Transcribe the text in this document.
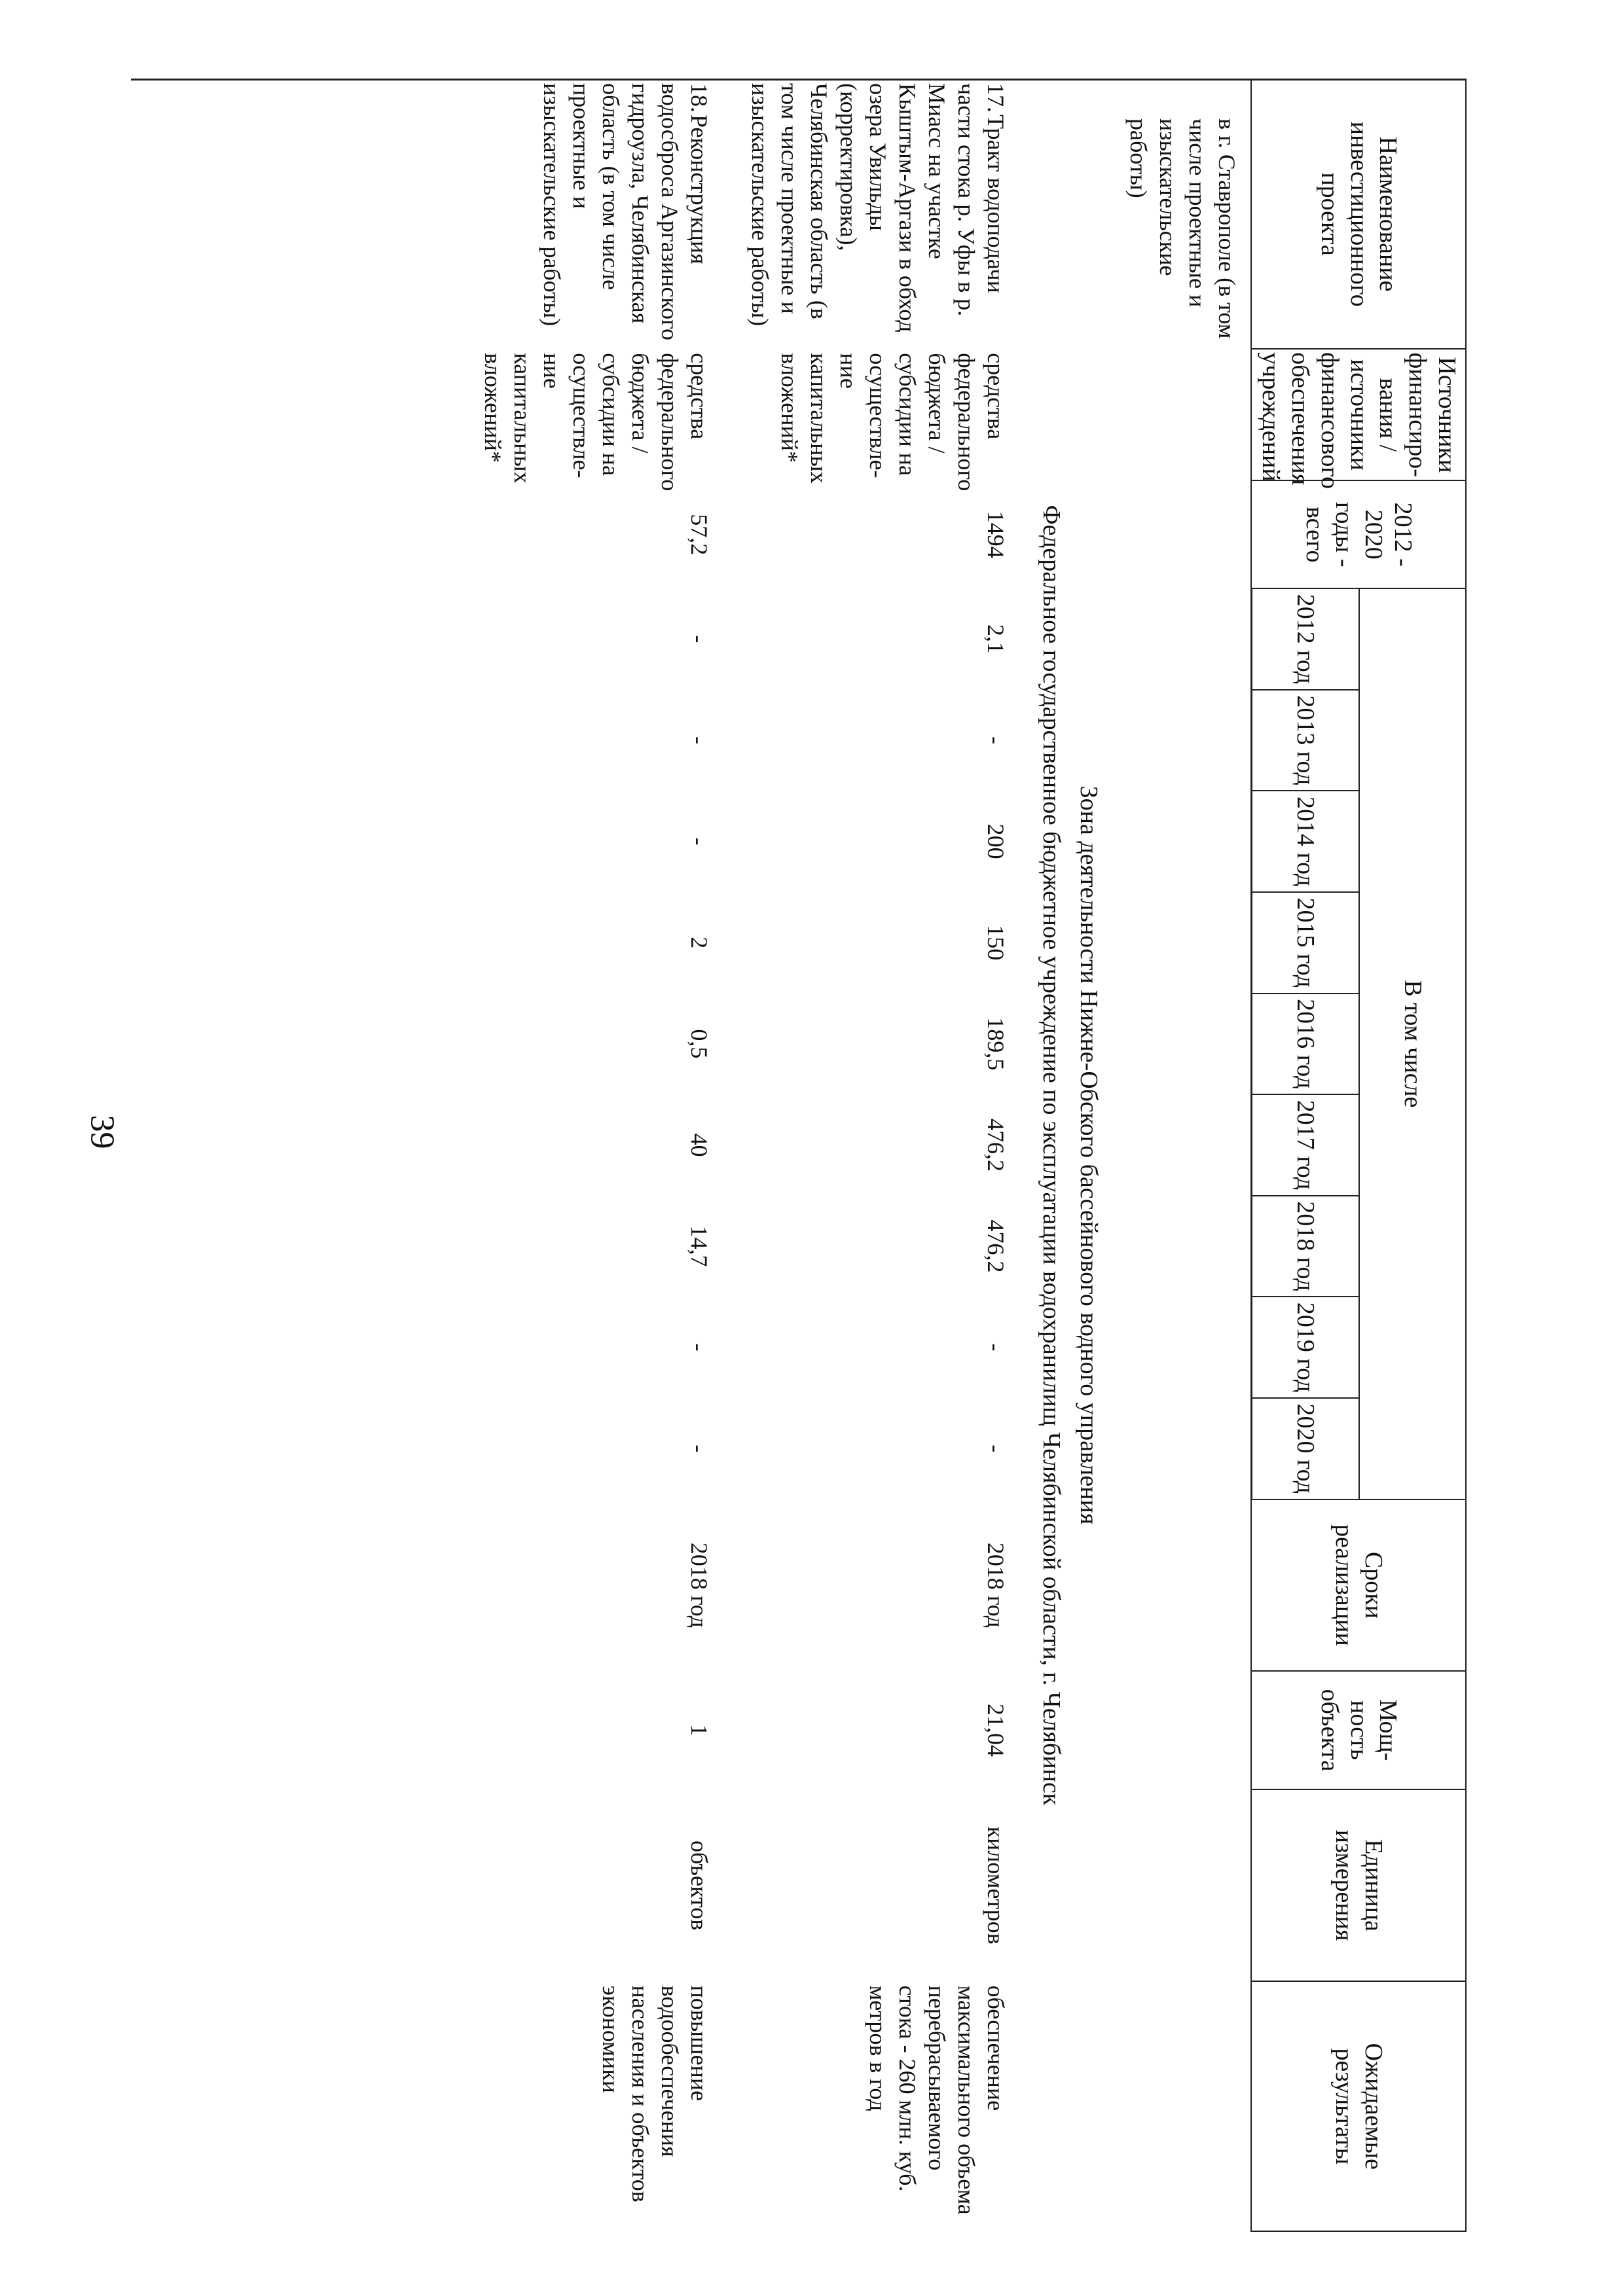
39
Наименование инвестиционного проекта	Источники финансиро-вания / источники финансового обеспечения учреждений	2012 - 2020 годы - всего	В том числе									Сроки реализации	Мощ-ность объекта	Единица измерения	Ожидаемые результаты
			2012 год	2013 год	2014 год	2015 год	2016 год	2017 год	2018 год	2019 год	2020 год				
в г. Ставрополе (в том числе проектные и изыскательские работы)															
Зона деятельности Нижне-Обского бассейнового водного управления															
Федеральное государственное бюджетное учреждение по эксплуатации водохранилищ Челябинской области, г. Челябинск															
17.Тракт водоподачи части стока р. Уфы в р. Миасс на участке Кыштым-Аргази в обход озера Увильды (корректировка), Челябинская область (в том числе проектные и изыскательские работы)	средства федерального бюджета / субсидии на осуществле-ние капитальных вложений*	1494	2,1	-	200	150	189,5	476,2	476,2	-	-	2018 год	21,04	километров	обеспечение максимального объема перебрасываемого стока - 260 млн. куб. метров в год
18.Реконструкция водосброса Аргазинского гидроузла, Челябинская область (в том числе проектные и изыскательские работы)	средства федерального бюджета / субсидии на осуществле-ние капитальных вложений*	57,2	-	-	-	2	0,5	40	14,7	-	-	2018 год	1	объектов	повышение водообеспечения населения и объектов экономики
